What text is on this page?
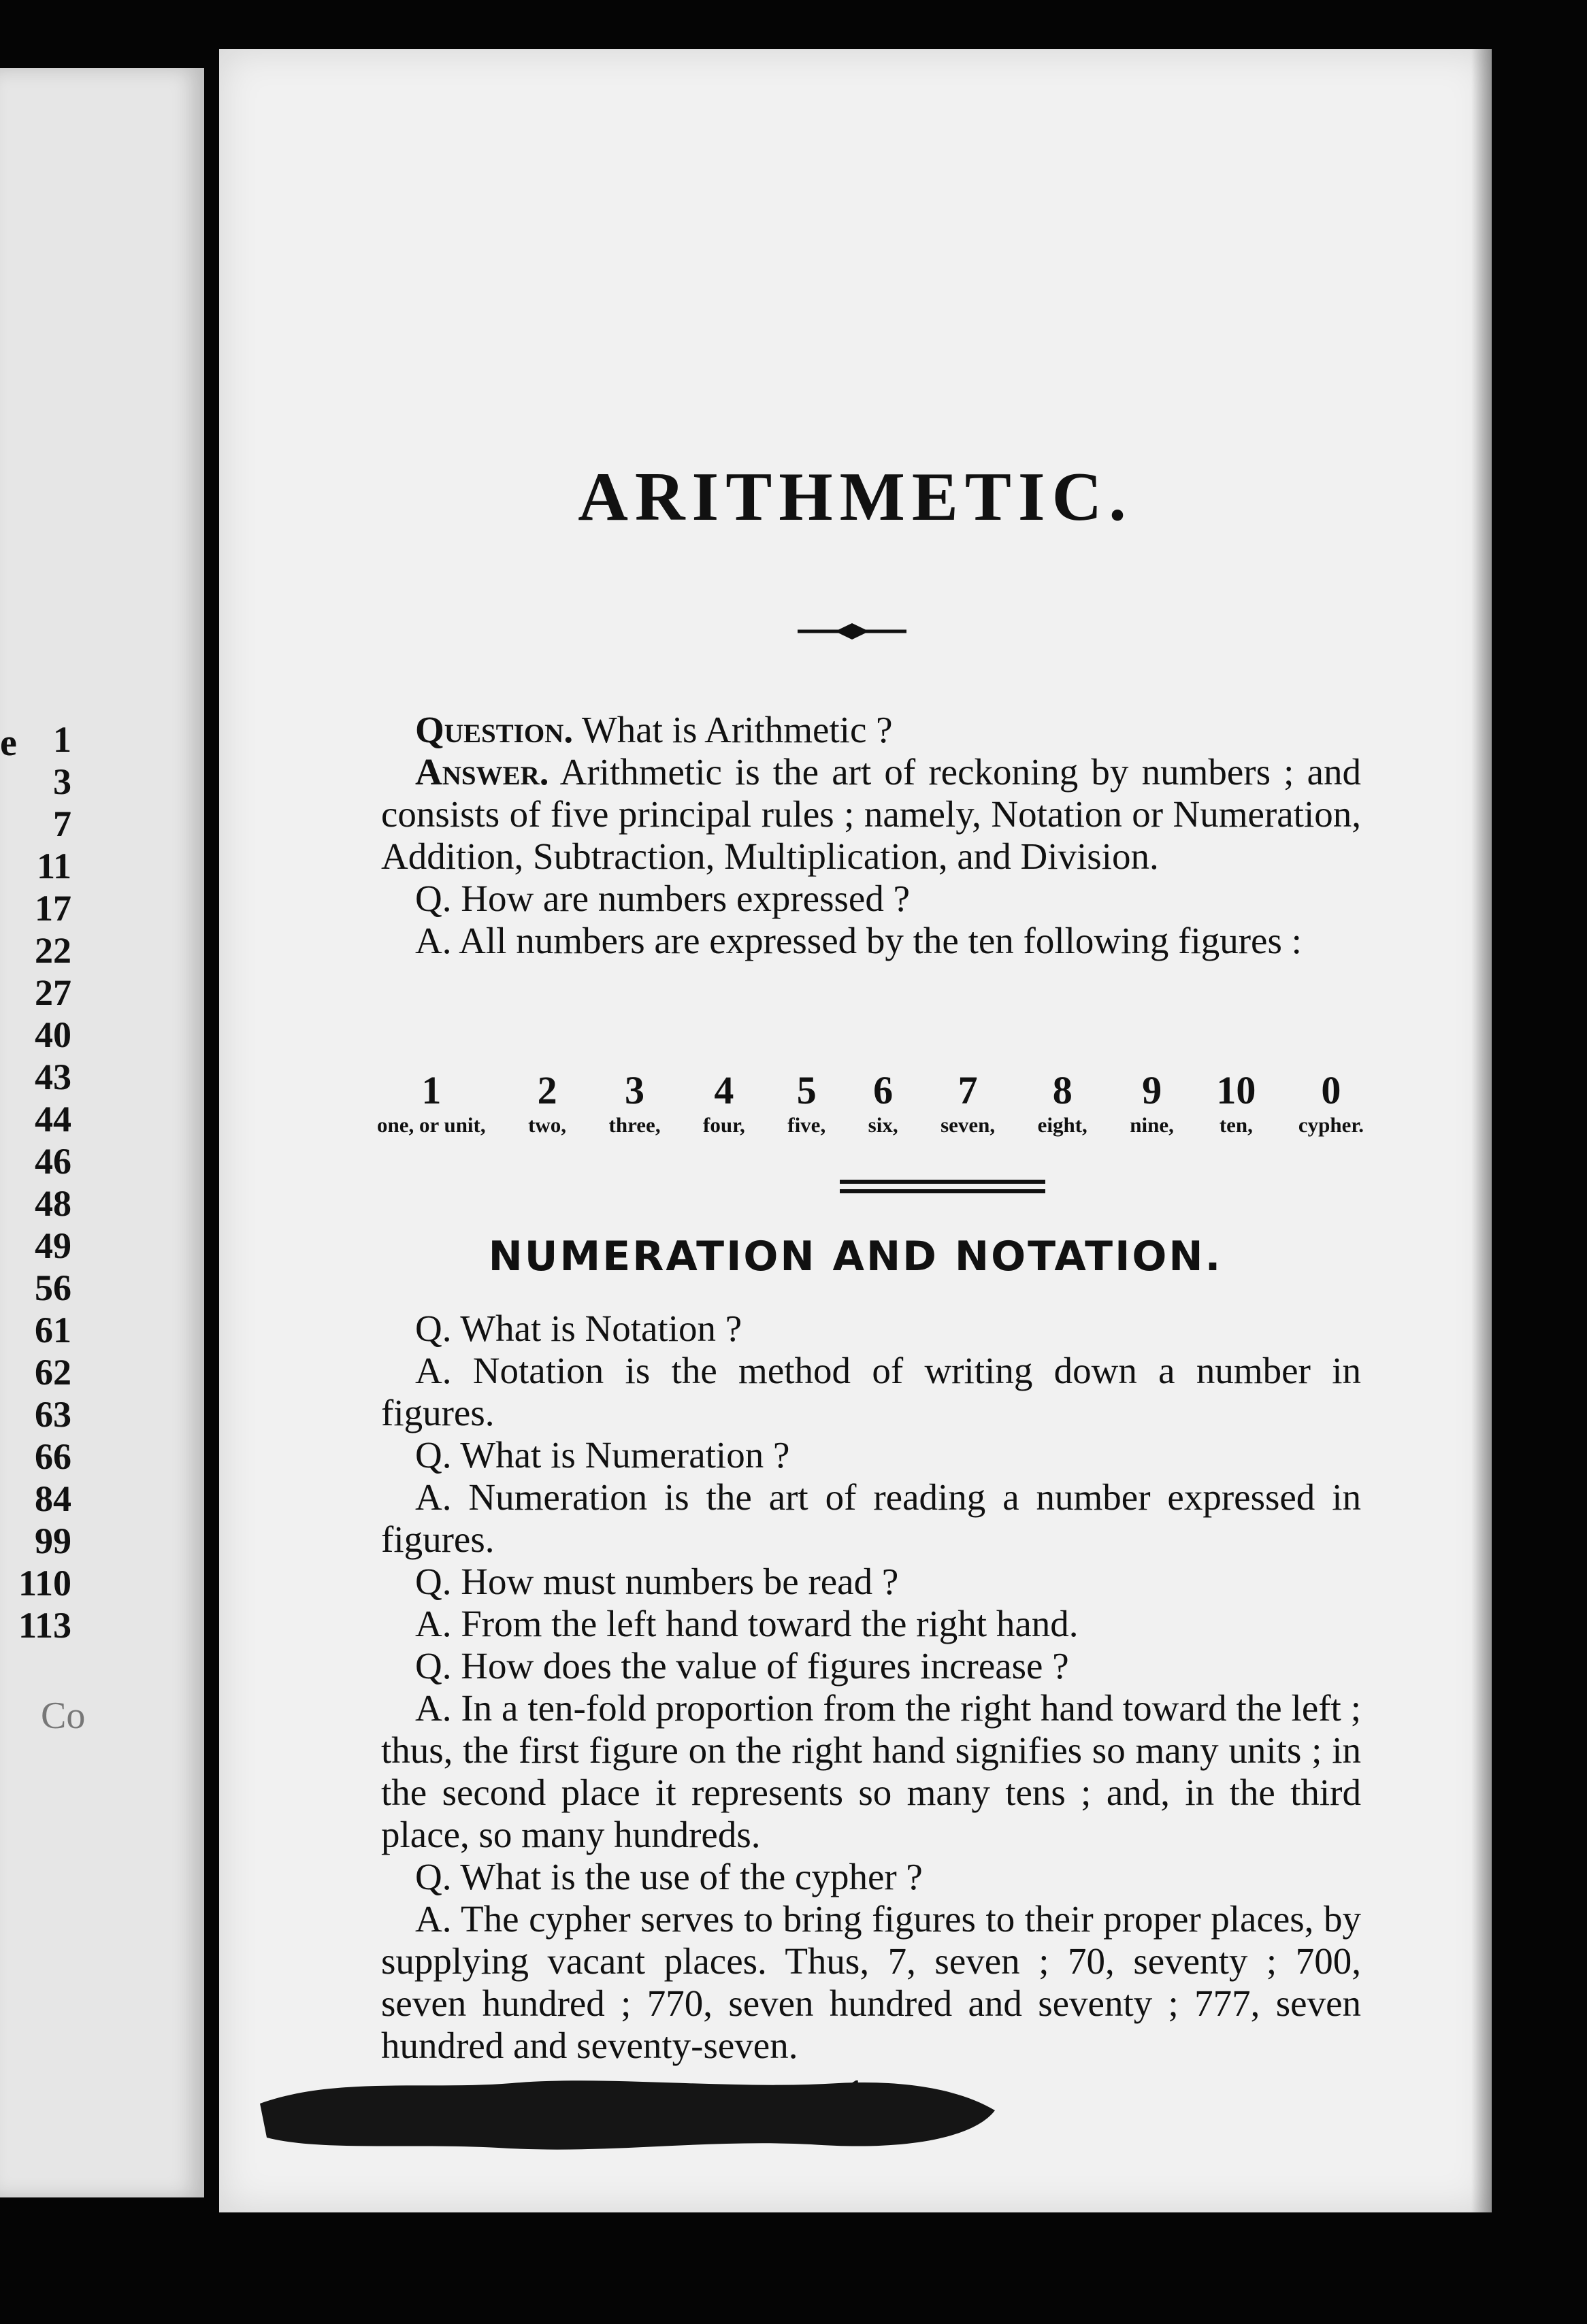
e
Co
1
3
7
11
17
22
27
40
43
44
46
48
49
56
61
62
63
66
84
99
110
113
ARITHMETIC.

Question. What is Arithmetic ?

Answer. Arithmetic is the art of reckoning by numbers ; and consists of five principal rules ; namely, Notation or Numeration, Addition, Subtraction, Multiplication, and Division.

Q. How are numbers expressed ?

A. All numbers are expressed by the ten following figures :

1
one, or unit,
2
two,
3
three,
4
four,
5
five,
6
six,
7
seven,
8
eight,
9
nine,
10
ten,
0
cypher.
NUMERATION AND NOTATION.

Q. What is Notation ?

A. Notation is the method of writing down a number in figures.

Q. What is Numeration ?

A. Numeration is the art of reading a number expressed in figures.

Q. How must numbers be read ?

A. From the left hand toward the right hand.

Q. How does the value of figures increase ?

A. In a ten-fold proportion from the right hand toward the left ; thus, the first figure on the right hand signifies so many units ; in the second place it represents so many tens ; and, in the third place, so many hundreds.

Q. What is the use of the cypher ?

A. The cypher serves to bring figures to their proper places, by supplying vacant places. Thus, 7, seven ; 70, seventy ; 700, seven hundred ; 770, seven hundred and seventy ; 777, seven hundred and seventy-seven.
